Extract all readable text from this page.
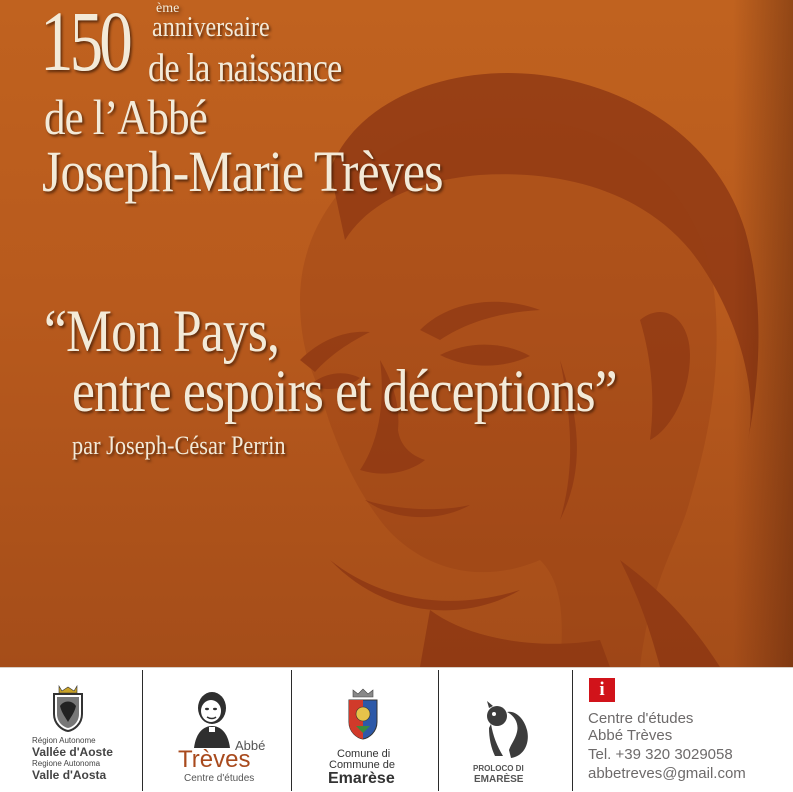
150 ème
anniversaire
de la naissance
de l’Abbé
Joseph-Marie Trèves
“Mon Pays,
entre espoirs et déceptions”
par Joseph-César Perrin
Région Autonome
Vallée d'Aoste
Regione Autonoma
Valle d'Aosta
Abbé
Trèves
Centre d'études
Comune di
Commune de
Emarèse
PROLOCO DI
EMARÈSE
i
Centre d'études
Abbé Trèves
Tel. +39 320 3029058
abbetreves@gmail.com
